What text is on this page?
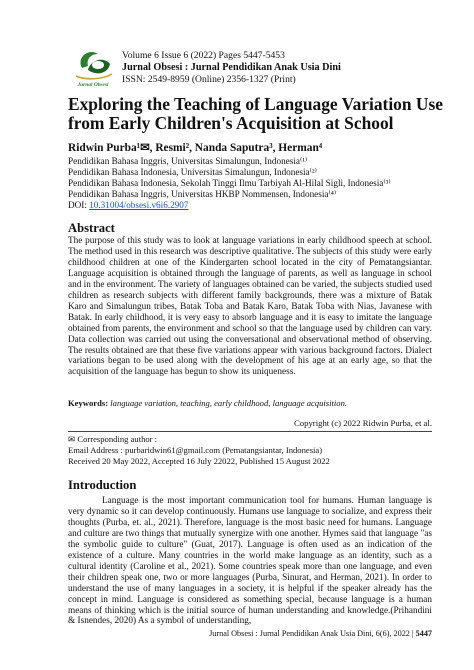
Jurnal Obsesi
Volume 6 Issue 6 (2022) Pages 5447-5453
Jurnal Obsesi : Jurnal Pendidikan Anak Usia Dini
ISSN: 2549-8959 (Online) 2356-1327 (Print)
Exploring the Teaching of Language Variation Use from Early Children's Acquisition at School
Ridwin Purba¹✉, Resmi², Nanda Saputra³, Herman⁴
Pendidikan Bahasa Inggris, Universitas Simalungun, Indonesia⁽¹⁾
Pendidikan Bahasa Indonesia, Universitas Simalungun, Indonesia⁽²⁾
Pendidikan Bahasa Indonesia, Sekolah Tinggi Ilmu Tarbiyah Al-Hilal Sigli, Indonesia⁽³⁾
Pendidikan Bahasa Inggris, Universitas HKBP Nommensen, Indonesia⁽⁴⁾
DOI: 10.31004/obsesi.v6i6.2907
Abstract
The purpose of this study was to look at language variations in early childhood speech at school. The method used in this research was descriptive qualitative. The subjects of this study were early childhood children at one of the Kindergarten school located in the city of Pematangsiantar. Language acquisition is obtained through the language of parents, as well as language in school and in the environment. The variety of languages obtained can be varied, the subjects studied used children as research subjects with different family backgrounds, there was a mixture of Batak Karo and Simalungun tribes, Batak Toba and Batak Karo, Batak Toba with Nias, Javanese with Batak. In early childhood, it is very easy to absorb language and it is easy to imitate the language obtained from parents, the environment and school so that the language used by children can vary. Data collection was carried out using the conversational and observational method of observing. The results obtained are that these five variations appear with various background factors. Dialect variations began to be used along with the development of his age at an early age, so that the acquisition of the language has begun to show its uniqueness.
Keywords: language variation, teaching, early childhood, language acquisition.
Copyright (c) 2022 Ridwin Purba, et al.
✉ Corresponding author :
Email Address : purbaridwin61@gmail.com (Pematangsiantar, Indonesia)
Received 20 May 2022, Accepted 16 July 22022, Published 15 August 2022
Introduction
Language is the most important communication tool for humans. Human language is very dynamic so it can develop continuously. Humans use language to socialize, and express their thoughts (Purba, et. al., 2021). Therefore, language is the most basic need for humans. Language and culture are two things that mutually synergize with one another. Hymes said that language "as the symbolic guide to culture" (Guat, 2017). Language is often used as an indication of the existence of a culture. Many countries in the world make language as an identity, such as a cultural identity (Caroline et al., 2021). Some countries speak more than one language, and even their children speak one, two or more languages (Purba, Sinurat, and Herman, 2021). In order to understand the use of many languages in a society, it is helpful if the speaker already has the concept in mind. Language is considered as something special, because language is a human means of thinking which is the initial source of human understanding and knowledge.(Prihandini & Isnendes, 2020) As a symbol of understanding,
Jurnal Obsesi : Jurnal Pendidikan Anak Usia Dini, 6(6), 2022 | 5447
